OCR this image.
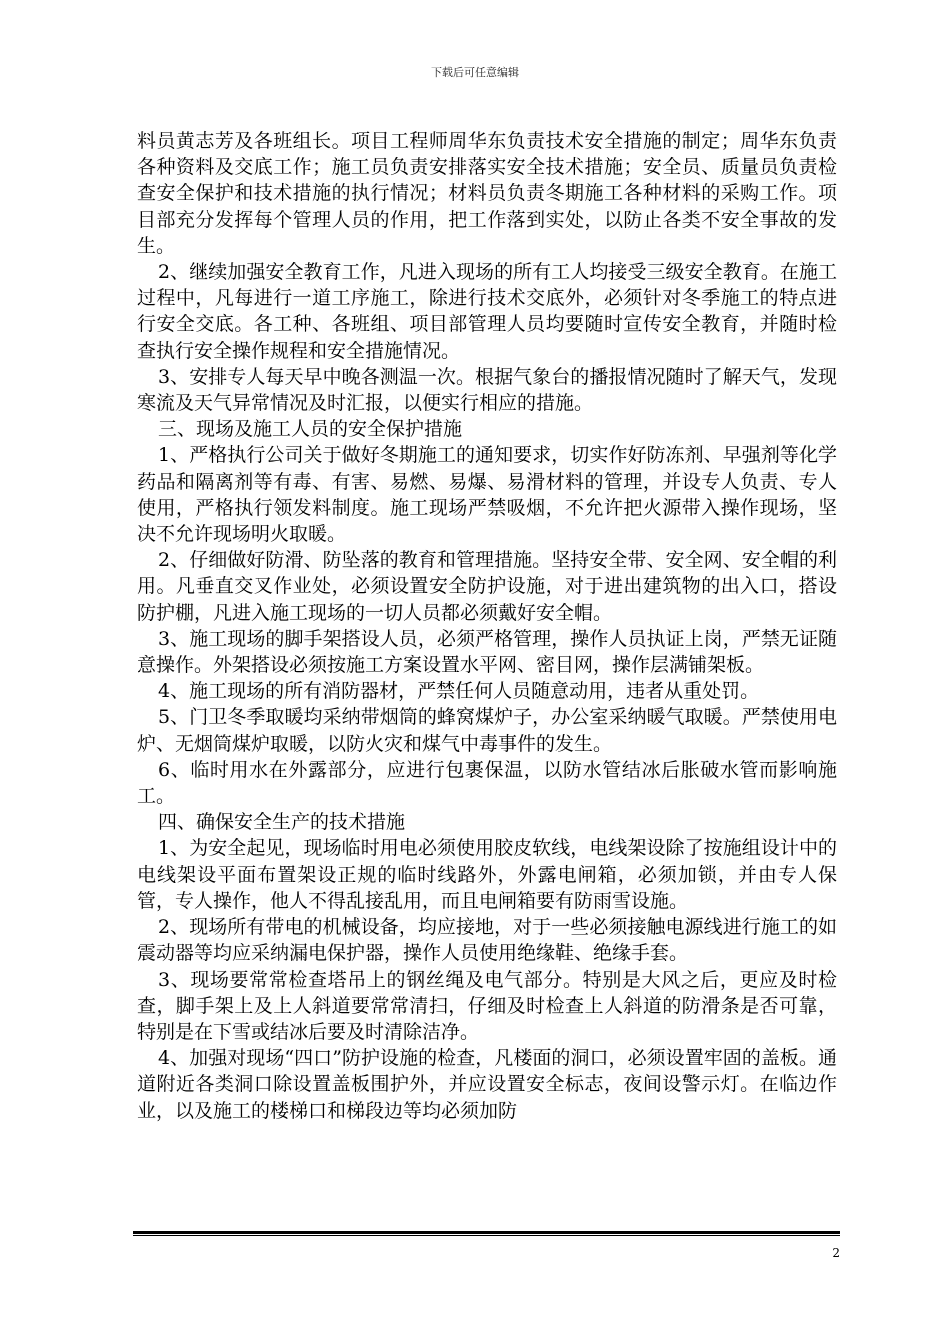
下载后可任意编辑

料员黄志芳及各班组长。项目工程师周华东负责技术安全措施的制定；周华东负责各种资料及交底工作；施工员负责安排落实安全技术措施；安全员、质量员负责检查安全保护和技术措施的执行情况；材料员负责冬期施工各种材料的采购工作。项目部充分发挥每个管理人员的作用，把工作落到实处，以防止各类不安全事故的发生。

2、继续加强安全教育工作，凡进入现场的所有工人均接受三级安全教育。在施工过程中，凡每进行一道工序施工，除进行技术交底外，必须针对冬季施工的特点进行安全交底。各工种、各班组、项目部管理人员均要随时宣传安全教育，并随时检查执行安全操作规程和安全措施情况。

3、安排专人每天早中晚各测温一次。根据气象台的播报情况随时了解天气，发现寒流及天气异常情况及时汇报，以便实行相应的措施。

三、现场及施工人员的安全保护措施

1、严格执行公司关于做好冬期施工的通知要求，切实作好防冻剂、早强剂等化学药品和隔离剂等有毒、有害、易燃、易爆、易滑材料的管理，并设专人负责、专人使用，严格执行领发料制度。施工现场严禁吸烟，不允许把火源带入操作现场，坚决不允许现场明火取暖。

2、仔细做好防滑、防坠落的教育和管理措施。坚持安全带、安全网、安全帽的利用。凡垂直交叉作业处，必须设置安全防护设施，对于进出建筑物的出入口，搭设防护棚，凡进入施工现场的一切人员都必须戴好安全帽。

3、施工现场的脚手架搭设人员，必须严格管理，操作人员执证上岗，严禁无证随意操作。外架搭设必须按施工方案设置水平网、密目网，操作层满铺架板。

4、施工现场的所有消防器材，严禁任何人员随意动用，违者从重处罚。

5、门卫冬季取暖均采纳带烟筒的蜂窝煤炉子，办公室采纳暖气取暖。严禁使用电炉、无烟筒煤炉取暖，以防火灾和煤气中毒事件的发生。

6、临时用水在外露部分，应进行包裹保温，以防水管结冰后胀破水管而影响施工。

四、确保安全生产的技术措施

1、为安全起见，现场临时用电必须使用胶皮软线，电线架设除了按施组设计中的电线架设平面布置架设正规的临时线路外，外露电闸箱，必须加锁，并由专人保管，专人操作，他人不得乱接乱用，而且电闸箱要有防雨雪设施。

2、现场所有带电的机械设备，均应接地，对于一些必须接触电源线进行施工的如震动器等均应采纳漏电保护器，操作人员使用绝缘鞋、绝缘手套。

3、现场要常常检查塔吊上的钢丝绳及电气部分。特别是大风之后，更应及时检查，脚手架上及上人斜道要常常清扫，仔细及时检查上人斜道的防滑条是否可靠，特别是在下雪或结冰后要及时清除洁净。

4、加强对现场“四口”防护设施的检查，凡楼面的洞口，必须设置牢固的盖板。通道附近各类洞口除设置盖板围护外，并应设置安全标志，夜间设警示灯。在临边作业，以及施工的楼梯口和梯段边等均必须加防

2
